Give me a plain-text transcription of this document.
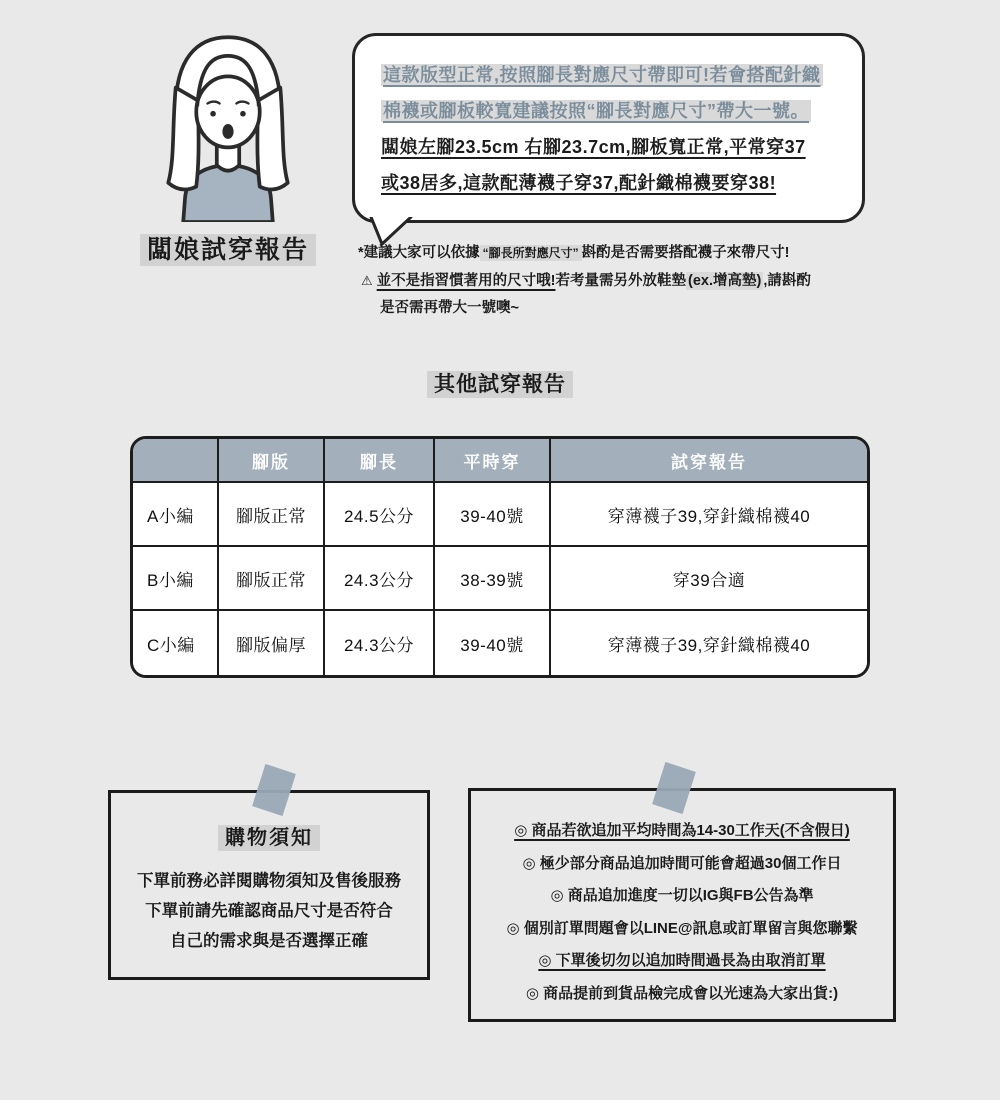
闆娘試穿報告
這款版型正常,按照腳長對應尺寸帶即可!若會搭配針織
棉襪或腳板較寬建議按照“腳長對應尺寸”帶大一號。
闆娘左腳23.5cm 右腳23.7cm,腳板寬正常,平常穿37
或38居多,這款配薄襪子穿37,配針織棉襪要穿38!
*建議大家可以依據 “腳長所對應尺寸” 斟酌是否需要搭配襪子來帶尺寸!
⚠ 並不是指習慣著用的尺寸哦!若考量需另外放鞋墊 (ex.增高墊) ,請斟酌
是否需再帶大一號噢~
其他試穿報告
	腳版	腳長	平時穿	試穿報告
A小編	腳版正常	24.5公分	39-40號	穿薄襪子39,穿針織棉襪40
B小編	腳版正常	24.3公分	38-39號	穿39合適
C小編	腳版偏厚	24.3公分	39-40號	穿薄襪子39,穿針織棉襪40
購物須知
下單前務必詳閱購物須知及售後服務
下單前請先確認商品尺寸是否符合
自己的需求與是否選擇正確
◎ 商品若欲追加平均時間為14-30工作天(不含假日)
◎ 極少部分商品追加時間可能會超過30個工作日
◎ 商品追加進度一切以IG與FB公告為準
◎ 個別訂單問題會以LINE@訊息或訂單留言與您聯繫
◎ 下單後切勿以追加時間過長為由取消訂單
◎ 商品提前到貨品檢完成會以光速為大家出貨:)
